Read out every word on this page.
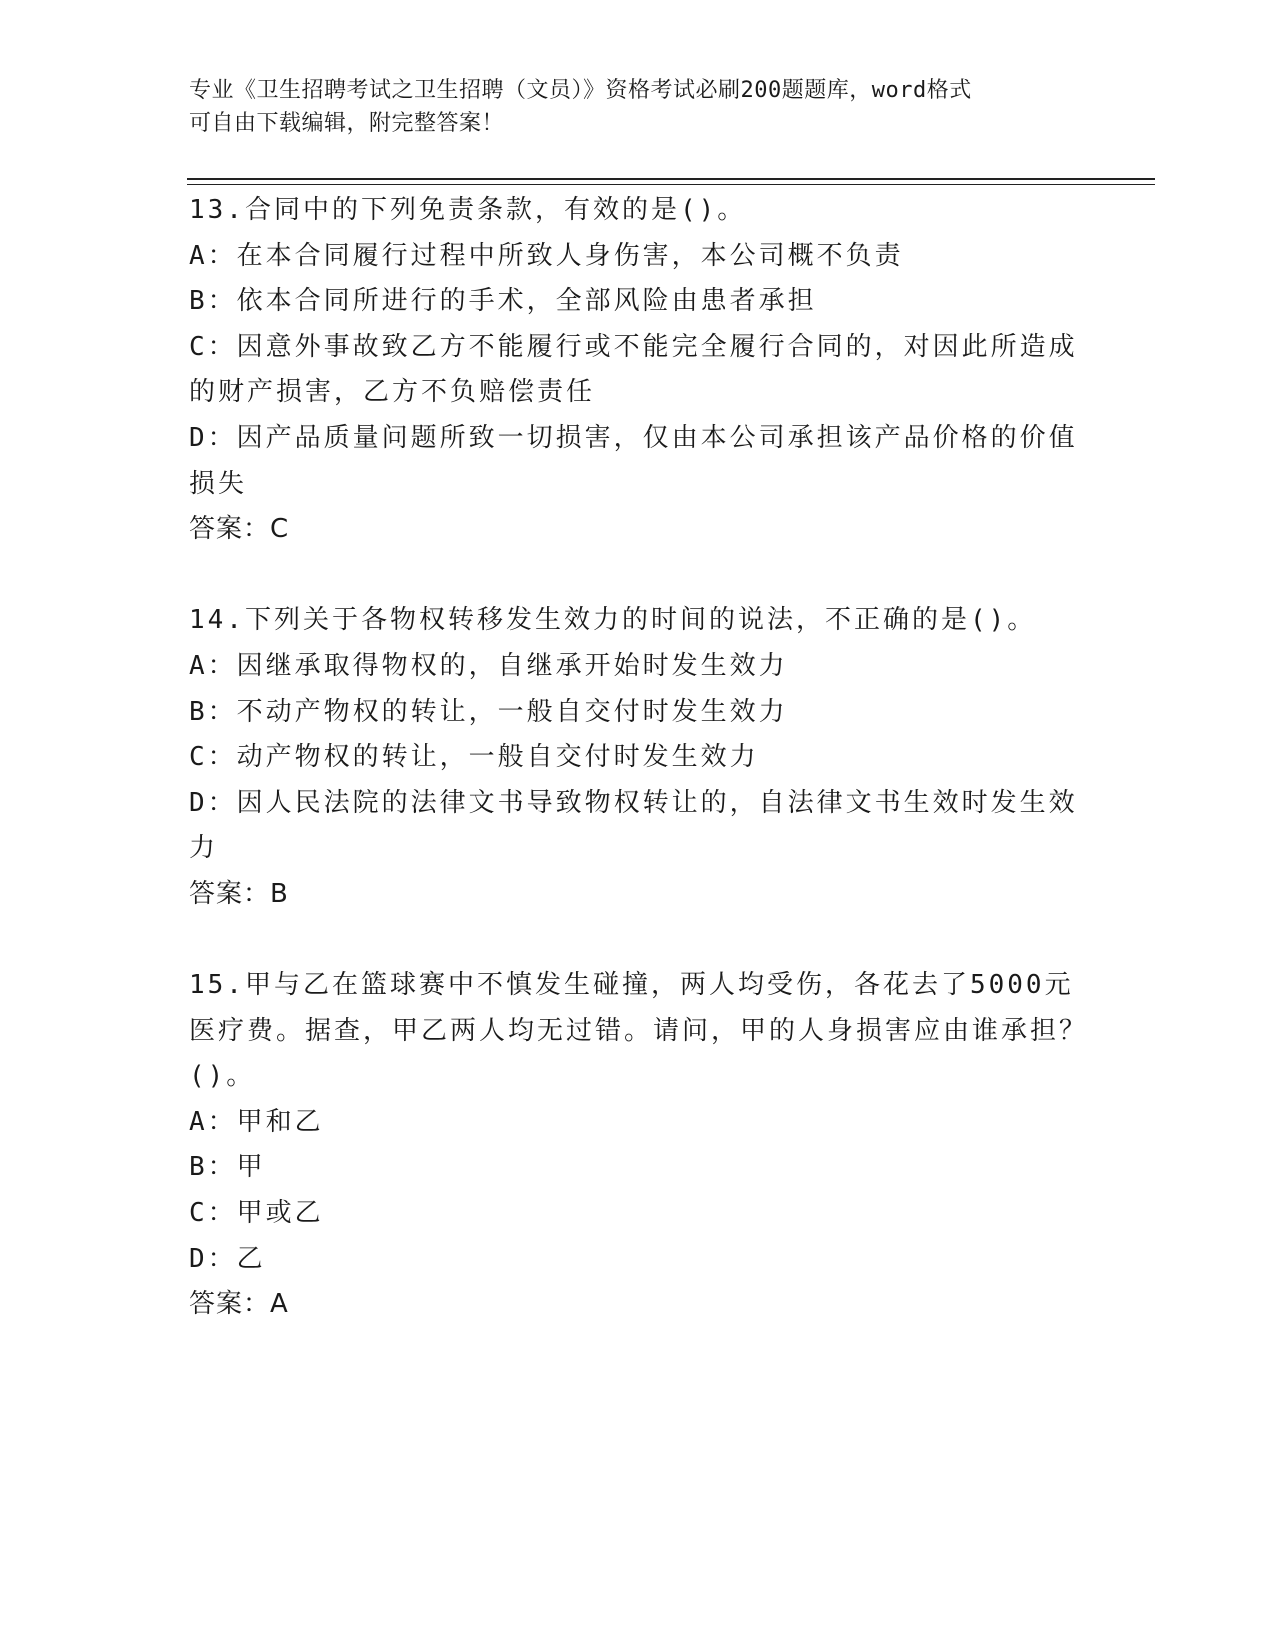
专业《卫生招聘考试之卫生招聘（文员）》资格考试必刷200题题库，word格式
可自由下载编辑，附完整答案！

13.合同中的下列免责条款，有效的是()。

A：在本合同履行过程中所致人身伤害，本公司概不负责

B：依本合同所进行的手术，全部风险由患者承担

C：因意外事故致乙方不能履行或不能完全履行合同的，对因此所造成的财产损害，乙方不负赔偿责任

D：因产品质量问题所致一切损害，仅由本公司承担该产品价格的价值损失

答案：C

14.下列关于各物权转移发生效力的时间的说法，不正确的是()。

A：因继承取得物权的，自继承开始时发生效力

B：不动产物权的转让，一般自交付时发生效力

C：动产物权的转让，一般自交付时发生效力

D：因人民法院的法律文书导致物权转让的，自法律文书生效时发生效力

答案：B

15.甲与乙在篮球赛中不慎发生碰撞，两人均受伤，各花去了5000元医疗费。据查，甲乙两人均无过错。请问，甲的人身损害应由谁承担？()。

A：甲和乙

B：甲

C：甲或乙

D：乙

答案：A
